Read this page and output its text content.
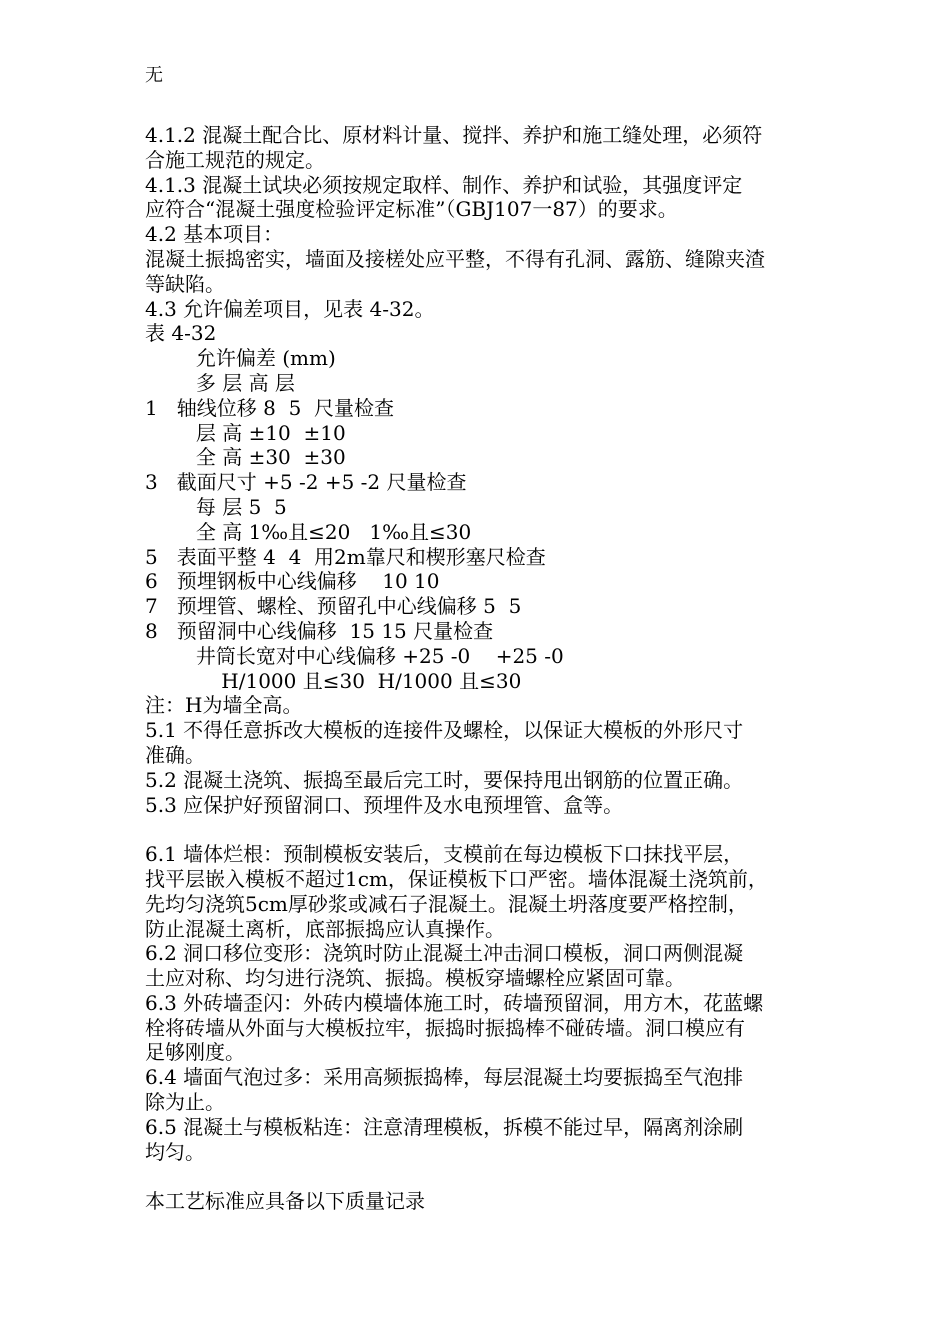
无
4.1.2 混凝土配合比、原材料计量、搅拌、养护和施工缝处理，必须符
合施工规范的规定。
4.1.3 混凝土试块必须按规定取样、制作、养护和试验，其强度评定
应符合“混凝土强度检验评定标准”（GBJ107一87）的要求。
4.2 基本项目：
混凝土振捣密实，墙面及接槎处应平整，不得有孔洞、露筋、缝隙夹渣
等缺陷。
4.3 允许偏差项目，见表 4-32。
表 4-32
允许偏差 (mm)
多 层 高 层
1   轴线位移 8  5  尺量检查
层 高 ±10  ±10
全 高 ±30  ±30
3   截面尺寸 +5 -2 +5 -2 尺量检查
每 层 5  5
全 高 1‰且≤20   1‰且≤30
5   表面平整 4  4  用2m靠尺和楔形塞尺检查
6   预埋钢板中心线偏移    10 10
7   预埋管、螺栓、预留孔中心线偏移 5  5
8   预留洞中心线偏移  15 15 尺量检查
井筒长宽对中心线偏移 +25 -0    +25 -0
H/1000 且≤30  H/1000 且≤30
注：H为墙全高。
5.1 不得任意拆改大模板的连接件及螺栓，以保证大模板的外形尺寸
准确。
5.2 混凝土浇筑、振捣至最后完工时，要保持甩出钢筋的位置正确。
5.3 应保护好预留洞口、预埋件及水电预埋管、盒等。
6.1 墙体烂根：预制模板安装后，支模前在每边模板下口抹找平层，
找平层嵌入模板不超过1cm，保证模板下口严密。墙体混凝土浇筑前，
先均匀浇筑5cm厚砂浆或减石子混凝土。混凝土坍落度要严格控制，
防止混凝土离析，底部振捣应认真操作。
6.2 洞口移位变形：浇筑时防止混凝土冲击洞口模板，洞口两侧混凝
土应对称、均匀进行浇筑、振捣。模板穿墙螺栓应紧固可靠。
6.3 外砖墙歪闪：外砖内模墙体施工时，砖墙预留洞，用方木，花蓝螺
栓将砖墙从外面与大模板拉牢，振捣时振捣棒不碰砖墙。洞口模应有
足够刚度。
6.4 墙面气泡过多：采用高频振捣棒，每层混凝土均要振捣至气泡排
除为止。
6.5 混凝土与模板粘连：注意清理模板，拆模不能过早，隔离剂涂刷
均匀。
本工艺标准应具备以下质量记录
